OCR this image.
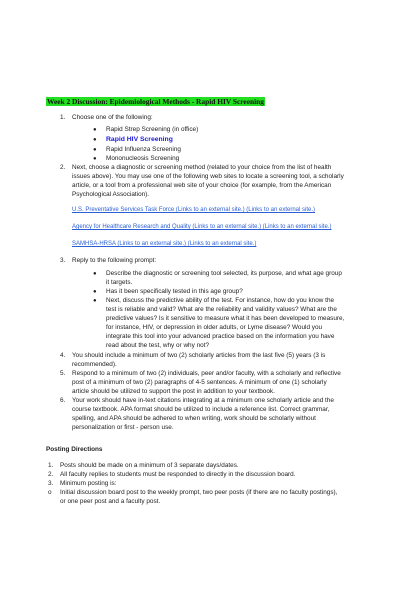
Week 2 Discussion: Epidemiological Methods - Rapid HIV Screening
1. Choose one of the following:
● Rapid Strep Screening (in office)
● Rapid HIV Screening
● Rapid Influenza Screening
● Mononucleosis Screening
2. Next, choose a diagnostic or screening method (related to your choice from the list of health
issues above). You may use one of the following web sites to locate a screening tool, a scholarly
article, or a tool from a professional web site of your choice (for example, from the American
Psychological Association).
U.S. Preventative Services Task Force (Links to an external site.) (Links to an external site.)
Agency for Healthcare Research and Quality (Links to an external site.) (Links to an external site.)
SAMHSA-HRSA (Links to an external site.) (Links to an external site.)
3. Reply to the following prompt:
● Describe the diagnostic or screening tool selected, its purpose, and what age group
it targets.
● Has it been specifically tested in this age group?
● Next, discuss the predictive ability of the test. For instance, how do you know the
test is reliable and valid? What are the reliability and validity values? What are the
predictive values? Is it sensitive to measure what it has been developed to measure,
for instance, HIV, or depression in older adults, or Lyme disease? Would you
integrate this tool into your advanced practice based on the information you have
read about the test, why or why not?
4. You should include a minimum of two (2) scholarly articles from the last five (5) years (3 is
recommended).
5. Respond to a minimum of two (2) individuals, peer and/or faculty, with a scholarly and reflective
post of a minimum of two (2) paragraphs of 4-5 sentences. A minimum of one (1) scholarly
article should be utilized to support the post in addition to your textbook.
6. Your work should have in-text citations integrating at a minimum one scholarly article and the
course textbook. APA format should be utilized to include a reference list. Correct grammar,
spelling, and APA should be adhered to when writing, work should be scholarly without
personalization or first - person use.
Posting Directions
1. Posts should be made on a minimum of 3 separate days/dates.
2. All faculty replies to students must be responded to directly in the discussion board.
3. Minimum posting is:
o Initial discussion board post to the weekly prompt, two peer posts (if there are no faculty postings),
or one peer post and a faculty post.
